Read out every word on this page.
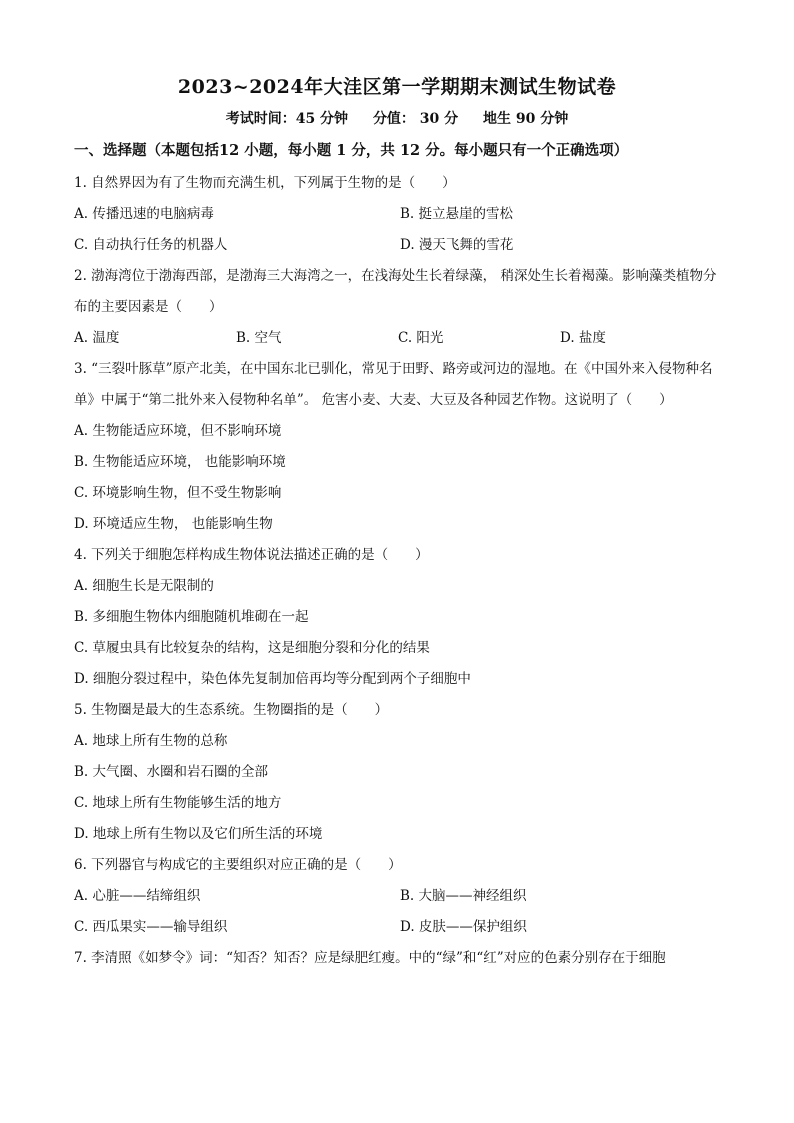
2023~2024年大洼区第一学期期末测试生物试卷
考试时间：45 分钟 分值： 30 分 地生 90 分钟
一、选择题（本题包括12 小题，每小题 1 分，共 12 分。每小题只有一个正确选项）
1. 自然界因为有了生物而充满生机，下列属于生物的是（　　）
A. 传播迅速的电脑病毒	B. 挺立悬崖的雪松
C. 自动执行任务的机器人	D. 漫天飞舞的雪花
2. 渤海湾位于渤海西部，是渤海三大海湾之一，在浅海处生长着绿藻， 稍深处生长着褐藻。影响藻类植物分布的主要因素是（　　）
A. 温度	B. 空气	C. 阳光	D. 盐度
3. “三裂叶豚草”原产北美，在中国东北已驯化，常见于田野、路旁或河边的湿地。在《中国外来入侵物种名单》中属于“第二批外来入侵物种名单”。 危害小麦、大麦、大豆及各种园艺作物。这说明了（　　）
A. 生物能适应环境，但不影响环境
B. 生物能适应环境， 也能影响环境
C. 环境影响生物，但不受生物影响
D. 环境适应生物， 也能影响生物
4. 下列关于细胞怎样构成生物体说法描述正确的是（　　）
A. 细胞生长是无限制的
B. 多细胞生物体内细胞随机堆砌在一起
C. 草履虫具有比较复杂的结构，这是细胞分裂和分化的结果
D. 细胞分裂过程中，染色体先复制加倍再均等分配到两个子细胞中
5. 生物圈是最大的生态系统。生物圈指的是（　　）
A. 地球上所有生物的总称
B. 大气圈、水圈和岩石圈的全部
C. 地球上所有生物能够生活的地方
D. 地球上所有生物以及它们所生活的环境
6. 下列器官与构成它的主要组织对应正确的是（　　）
A. 心脏——结缔组织	B. 大脑——神经组织
C. 西瓜果实——输导组织	D. 皮肤——保护组织
7. 李清照《如梦令》词：“知否？知否？应是绿肥红瘦。中的“绿”和“红”对应的色素分别存在于细胞
